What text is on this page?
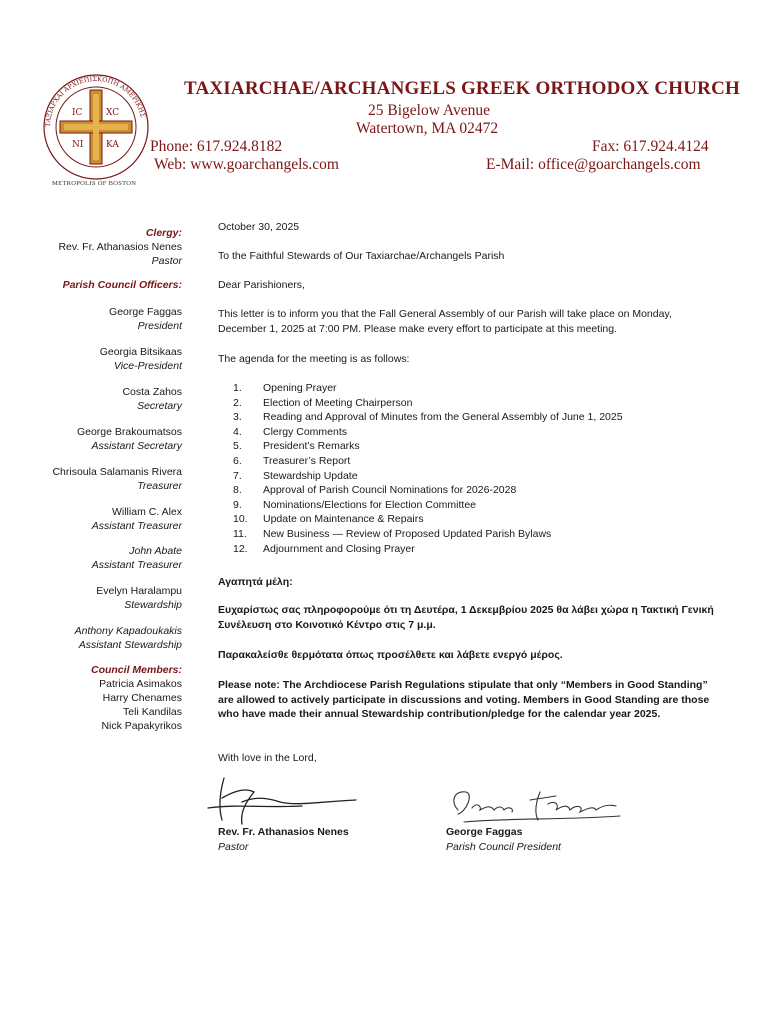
ΤΑΞΙΑΡΧΑΙ ΑΡΧΙΕΠΙΣΚΟΠΗ ΑΜΕΡΙΚΗΣ
IC	XC
NI	KA
METROPOLIS OF BOSTON
TAXIARCHAE/ARCHANGELS GREEK ORTHODOX CHURCH
25 Bigelow Avenue
Watertown, MA 02472
Phone: 617.924.8182	Fax: 617.924.4124
Web: www.goarchangels.com	E-Mail: office@goarchangels.com
Clergy:
Rev. Fr. Athanasios Nenes
Pastor
Parish Council Officers:
George Faggas
President
Georgia Bitsikaas
Vice-President
Costa Zahos
Secretary
George Brakoumatsos
Assistant Secretary
Chrisoula Salamanis Rivera
Treasurer
William C. Alex
Assistant Treasurer
John Abate
Assistant Treasurer
Evelyn Haralampu
Stewardship
Anthony Kapadoukakis
Assistant Stewardship
Council Members:
Patricia Asimakos
Harry Chenames
Teli Kandilas
Nick Papakyrikos
October 30, 2025
To the Faithful Stewards of Our Taxiarchae/Archangels Parish
Dear Parishioners,
This letter is to inform you that the Fall General Assembly of our Parish will take place on Monday, December 1, 2025 at 7:00 PM. Please make every effort to participate at this meeting.
The agenda for the meeting is as follows:
1.	Opening Prayer
2.	Election of Meeting Chairperson
3.	Reading and Approval of Minutes from the General Assembly of June 1, 2025
4.	Clergy Comments
5.	President’s Remarks
6.	Treasurer’s Report
7.	Stewardship Update
8.	Approval of Parish Council Nominations for 2026-2028
9.	Nominations/Elections for Election Committee
10.	Update on Maintenance & Repairs
11.	New Business — Review of Proposed Updated Parish Bylaws
12.	Adjournment and Closing Prayer
Αγαπητά μέλη:
Ευχαρίστως σας πληροφορούμε ότι τη Δευτέρα, 1 Δεκεμβρίου 2025 θα λάβει χώρα η Τακτική Γενική Συνέλευση στο Κοινοτικό Κέντρο στις 7 μ.μ.
Παρακαλείσθε θερμότατα όπως προσέλθετε και λάβετε ενεργό μέρος.
Please note: The Archdiocese Parish Regulations stipulate that only “Members in Good Standing” are allowed to actively participate in discussions and voting. Members in Good Standing are those who have made their annual Stewardship contribution/pledge for the calendar year 2025.
With love in the Lord,
Rev. Fr. Athanasios Nenes
Pastor
George Faggas
Parish Council President
